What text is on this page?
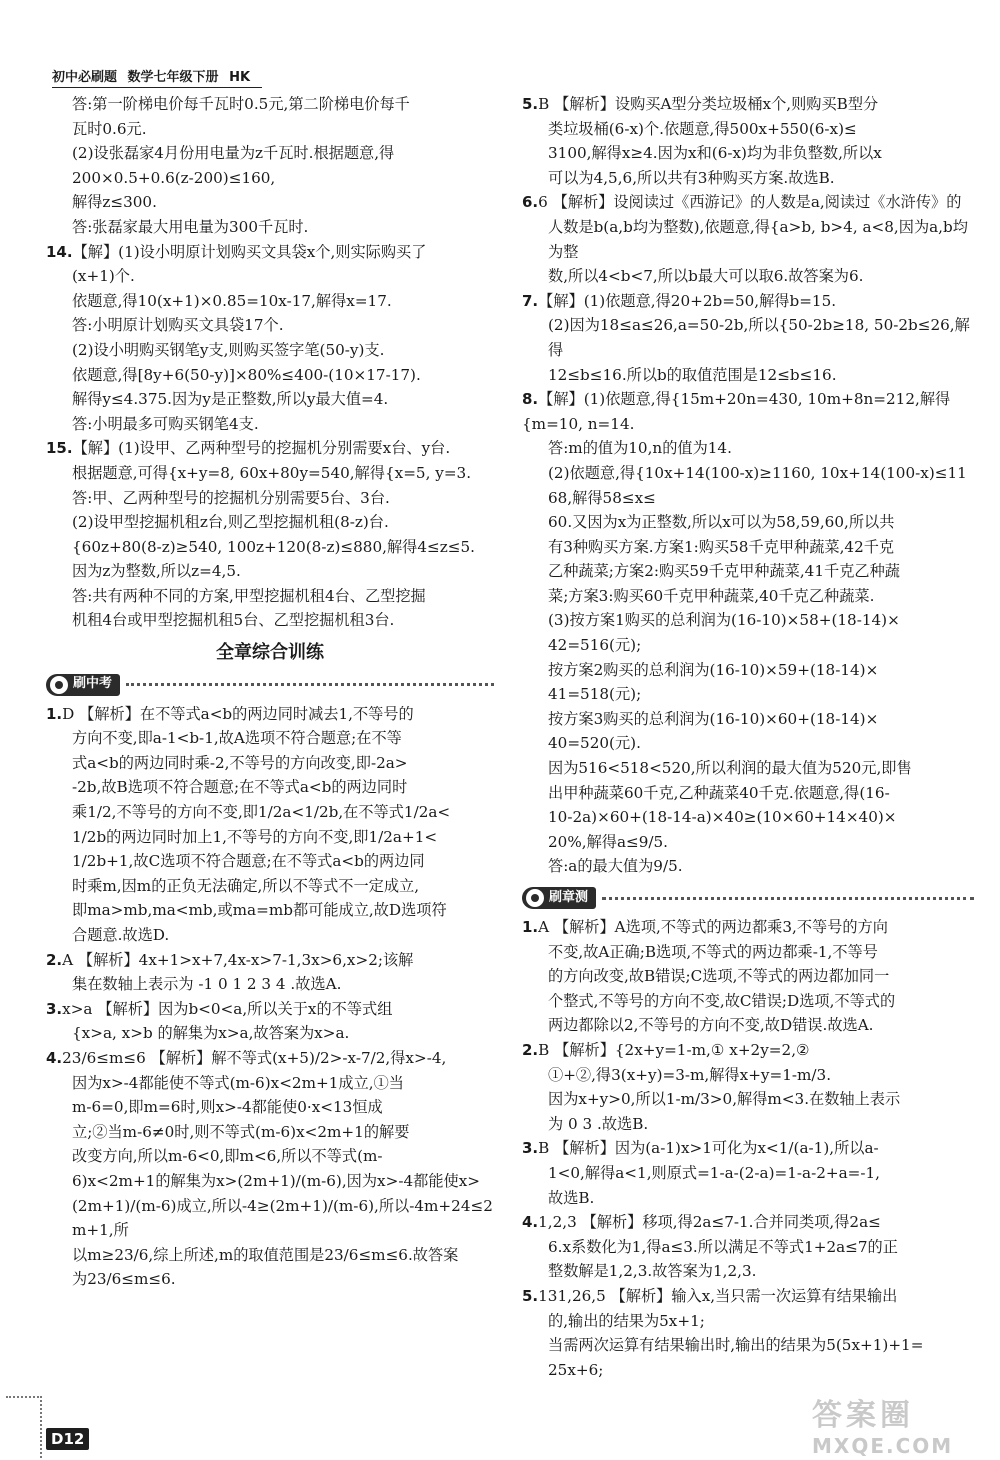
初中必刷题 数学七年级下册 HK
答:第一阶梯电价每千瓦时0.5元,第二阶梯电价每千
瓦时0.6元.
(2)设张磊家4月份用电量为z千瓦时.根据题意,得
200×0.5+0.6(z-200)≤160,
解得z≤300.
答:张磊家最大用电量为300千瓦时.
14.【解】(1)设小明原计划购买文具袋x个,则实际购买了
(x+1)个.
依题意,得10(x+1)×0.85=10x-17,解得x=17.
答:小明原计划购买文具袋17个.
(2)设小明购买钢笔y支,则购买签字笔(50-y)支.
依题意,得[8y+6(50-y)]×80%≤400-(10×17-17).
解得y≤4.375.因为y是正整数,所以y最大值=4.
答:小明最多可购买钢笔4支.
15.【解】(1)设甲、乙两种型号的挖掘机分别需要x台、y台.
根据题意,可得{x+y=8, 60x+80y=540,解得{x=5, y=3.
答:甲、乙两种型号的挖掘机分别需要5台、3台.
(2)设甲型挖掘机租z台,则乙型挖掘机租(8-z)台.
{60z+80(8-z)≥540, 100z+120(8-z)≤880,解得4≤z≤5.
因为z为整数,所以z=4,5.
答:共有两种不同的方案,甲型挖掘机租4台、乙型挖掘
机租4台或甲型挖掘机租5台、乙型挖掘机租3台.
全章综合训练
刷中考
1.D 【解析】在不等式a<b的两边同时减去1,不等号的
方向不变,即a-1<b-1,故A选项不符合题意;在不等
式a<b的两边同时乘-2,不等号的方向改变,即-2a>
-2b,故B选项不符合题意;在不等式a<b的两边同时
乘1/2,不等号的方向不变,即1/2a<1/2b,在不等式1/2a<
1/2b的两边同时加上1,不等号的方向不变,即1/2a+1<
1/2b+1,故C选项不符合题意;在不等式a<b的两边同
时乘m,因m的正负无法确定,所以不等式不一定成立,
即ma>mb,ma<mb,或ma=mb都可能成立,故D选项符
合题意.故选D.
2.A 【解析】4x+1>x+7,4x-x>7-1,3x>6,x>2;该解
集在数轴上表示为 -1 0 1 2 3 4 .故选A.
3.x>a 【解析】因为b<0<a,所以关于x的不等式组
{x>a, x>b 的解集为x>a,故答案为x>a.
4.23/6≤m≤6 【解析】解不等式(x+5)/2>-x-7/2,得x>-4,
因为x>-4都能使不等式(m-6)x<2m+1成立,①当
m-6=0,即m=6时,则x>-4都能使0·x<13恒成
立;②当m-6≠0时,则不等式(m-6)x<2m+1的解要
改变方向,所以m-6<0,即m<6,所以不等式(m-
6)x<2m+1的解集为x>(2m+1)/(m-6),因为x>-4都能使x>
(2m+1)/(m-6)成立,所以-4≥(2m+1)/(m-6),所以-4m+24≤2m+1,所
以m≥23/6,综上所述,m的取值范围是23/6≤m≤6.故答案
为23/6≤m≤6.
5.B 【解析】设购买A型分类垃圾桶x个,则购买B型分
类垃圾桶(6-x)个.依题意,得500x+550(6-x)≤
3100,解得x≥4.因为x和(6-x)均为非负整数,所以x
可以为4,5,6,所以共有3种购买方案.故选B.
6.6 【解析】设阅读过《西游记》的人数是a,阅读过《水浒传》的
人数是b(a,b均为整数),依题意,得{a>b, b>4, a<8,因为a,b均为整
数,所以4<b<7,所以b最大可以取6.故答案为6.
7.【解】(1)依题意,得20+2b=50,解得b=15.
(2)因为18≤a≤26,a=50-2b,所以{50-2b≥18, 50-2b≤26,解得
12≤b≤16.所以b的取值范围是12≤b≤16.
8.【解】(1)依题意,得{15m+20n=430, 10m+8n=212,解得{m=10, n=14.
答:m的值为10,n的值为14.
(2)依题意,得{10x+14(100-x)≥1160, 10x+14(100-x)≤1168,解得58≤x≤
60.又因为x为正整数,所以x可以为58,59,60,所以共
有3种购买方案.方案1:购买58千克甲种蔬菜,42千克
乙种蔬菜;方案2:购买59千克甲种蔬菜,41千克乙种蔬
菜;方案3:购买60千克甲种蔬菜,40千克乙种蔬菜.
(3)按方案1购买的总利润为(16-10)×58+(18-14)×
42=516(元);
按方案2购买的总利润为(16-10)×59+(18-14)×
41=518(元);
按方案3购买的总利润为(16-10)×60+(18-14)×
40=520(元).
因为516<518<520,所以利润的最大值为520元,即售
出甲种蔬菜60千克,乙种蔬菜40千克.依题意,得(16-
10-2a)×60+(18-14-a)×40≥(10×60+14×40)×
20%,解得a≤9/5.
答:a的最大值为9/5.
刷章测
1.A 【解析】A选项,不等式的两边都乘3,不等号的方向
不变,故A正确;B选项,不等式的两边都乘-1,不等号
的方向改变,故B错误;C选项,不等式的两边都加同一
个整式,不等号的方向不变,故C错误;D选项,不等式的
两边都除以2,不等号的方向不变,故D错误.故选A.
2.B 【解析】{2x+y=1-m,① x+2y=2,②
①+②,得3(x+y)=3-m,解得x+y=1-m/3.
因为x+y>0,所以1-m/3>0,解得m<3.在数轴上表示
为 0 3 .故选B.
3.B 【解析】因为(a-1)x>1可化为x<1/(a-1),所以a-
1<0,解得a<1,则原式=1-a-(2-a)=1-a-2+a=-1,
故选B.
4.1,2,3 【解析】移项,得2a≤7-1.合并同类项,得2a≤
6.x系数化为1,得a≤3.所以满足不等式1+2a≤7的正
整数解是1,2,3.故答案为1,2,3.
5.131,26,5 【解析】输入x,当只需一次运算有结果输出
的,输出的结果为5x+1;
当需两次运算有结果输出时,输出的结果为5(5x+1)+1=
25x+6;
D12
答案圈
MXQE.COM
